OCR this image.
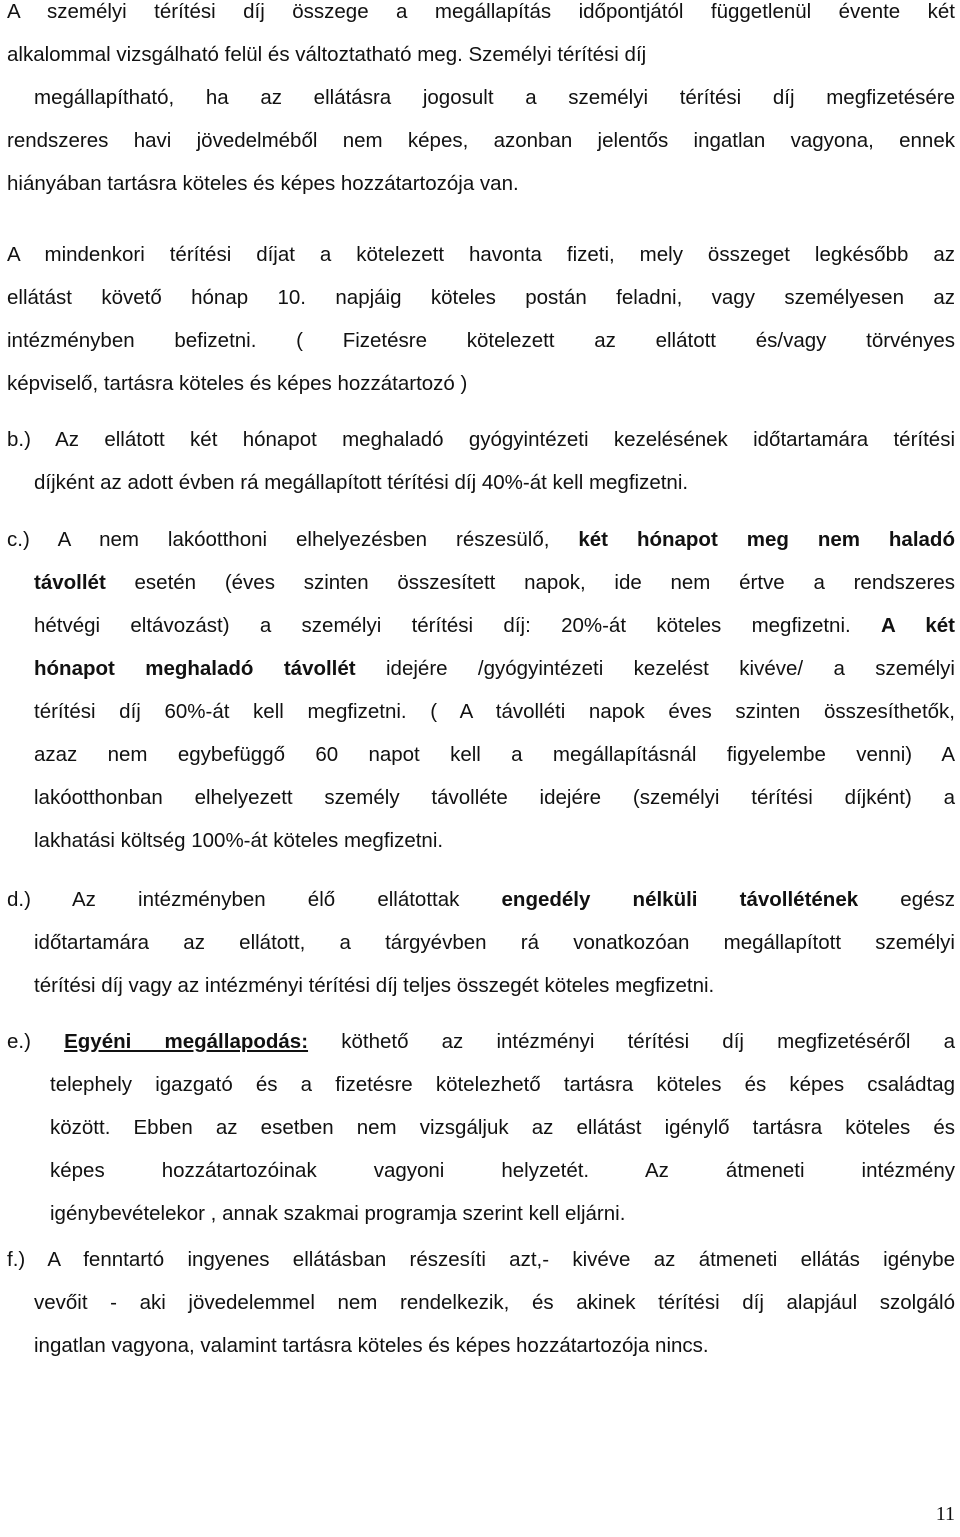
A személyi térítési díj összege a megállapítás időpontjától függetlenül évente két
alkalommal vizsgálható felül és változtatható meg. Személyi térítési díj
megállapítható, ha az ellátásra jogosult a személyi térítési díj megfizetésére
rendszeres havi jövedelméből nem képes, azonban jelentős ingatlan vagyona, ennek
hiányában tartásra köteles és képes hozzátartozója van.
A mindenkori térítési díjat a kötelezett havonta fizeti, mely összeget legkésőbb az
ellátást követő hónap 10. napjáig köteles postán feladni, vagy személyesen az
intézményben befizetni. ( Fizetésre kötelezett az ellátott és/vagy törvényes
képviselő, tartásra köteles és képes hozzátartozó )
b.) Az ellátott két hónapot meghaladó gyógyintézeti kezelésének időtartamára térítési
díjként az adott évben rá megállapított térítési díj 40%-át kell megfizetni.
c.) A nem lakóotthoni elhelyezésben részesülő, két hónapot meg nem haladó
távollét esetén (éves szinten összesített napok, ide nem értve a rendszeres
hétvégi eltávozást) a személyi térítési díj: 20%-át köteles megfizetni. A két
hónapot meghaladó távollét idejére /gyógyintézeti kezelést kivéve/ a személyi
térítési díj 60%-át kell megfizetni. ( A távolléti napok éves szinten összesíthetők,
azaz nem egybefüggő 60 napot kell a megállapításnál figyelembe venni) A
lakóotthonban elhelyezett személy távolléte idejére (személyi térítési díjként) a
lakhatási költség 100%-át köteles megfizetni.
d.) Az intézményben élő ellátottak engedély nélküli távollétének egész
időtartamára az ellátott, a tárgyévben rá vonatkozóan megállapított személyi
térítési díj vagy az intézményi térítési díj teljes összegét köteles megfizetni.
e.) Egyéni megállapodás: köthető az intézményi térítési díj megfizetéséről a
telephely igazgató és a fizetésre kötelezhető tartásra köteles és képes családtag
között. Ebben az esetben nem vizsgáljuk az ellátást igénylő tartásra köteles és
képes hozzátartozóinak vagyoni helyzetét. Az átmeneti intézmény
igénybevételekor , annak szakmai programja szerint kell eljárni.
f.) A fenntartó ingyenes ellátásban részesíti azt,- kivéve az átmeneti ellátás igénybe
vevőit - aki jövedelemmel nem rendelkezik, és akinek térítési díj alapjául szolgáló
ingatlan vagyona, valamint tartásra köteles és képes hozzátartozója nincs.
11
